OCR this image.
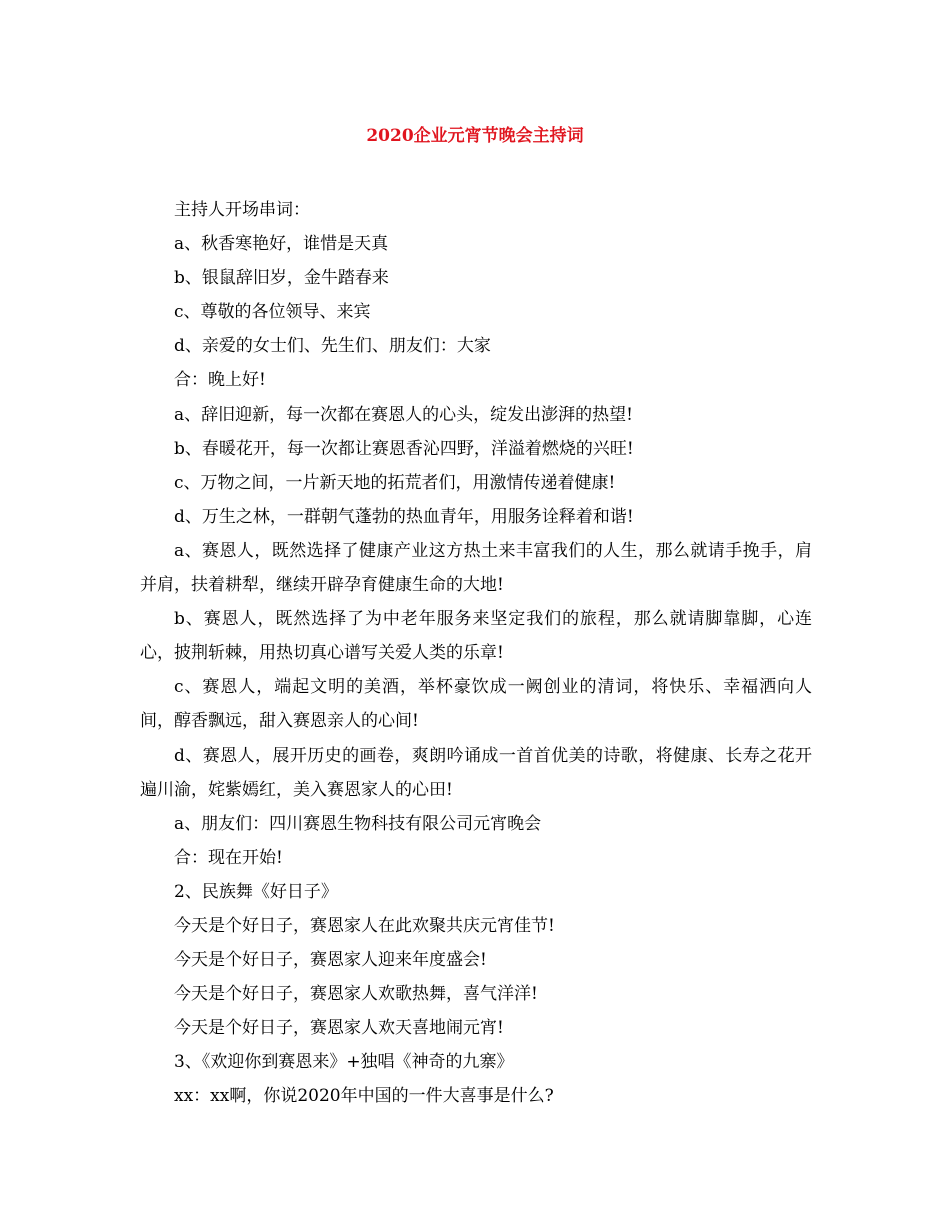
2020企业元宵节晚会主持词

主持人开场串词：

a、秋香寒艳好，谁惜是天真

b、银鼠辞旧岁，金牛踏春来

c、尊敬的各位领导、来宾

d、亲爱的女士们、先生们、朋友们：大家

合：晚上好!

a、辞旧迎新，每一次都在赛恩人的心头，绽发出澎湃的热望!

b、春暖花开，每一次都让赛恩香沁四野，洋溢着燃烧的兴旺!

c、万物之间，一片新天地的拓荒者们，用激情传递着健康!

d、万生之林，一群朝气蓬勃的热血青年，用服务诠释着和谐!

a、赛恩人，既然选择了健康产业这方热土来丰富我们的人生，那么就请手挽手，肩并肩，扶着耕犁，继续开辟孕育健康生命的大地!

b、赛恩人，既然选择了为中老年服务来坚定我们的旅程，那么就请脚靠脚，心连心，披荆斩棘，用热切真心谱写关爱人类的乐章!

c、赛恩人，端起文明的美酒，举杯豪饮成一阙创业的清词，将快乐、幸福洒向人间，醇香飘远，甜入赛恩亲人的心间!

d、赛恩人，展开历史的画卷，爽朗吟诵成一首首优美的诗歌，将健康、长寿之花开遍川渝，姹紫嫣红，美入赛恩家人的心田!

a、朋友们：四川赛恩生物科技有限公司元宵晚会

合：现在开始!

2、民族舞《好日子》

今天是个好日子，赛恩家人在此欢聚共庆元宵佳节!

今天是个好日子，赛恩家人迎来年度盛会!

今天是个好日子，赛恩家人欢歌热舞，喜气洋洋!

今天是个好日子，赛恩家人欢天喜地闹元宵!

3、《欢迎你到赛恩来》+独唱《神奇的九寨》

xx：xx啊，你说2020年中国的一件大喜事是什么?
